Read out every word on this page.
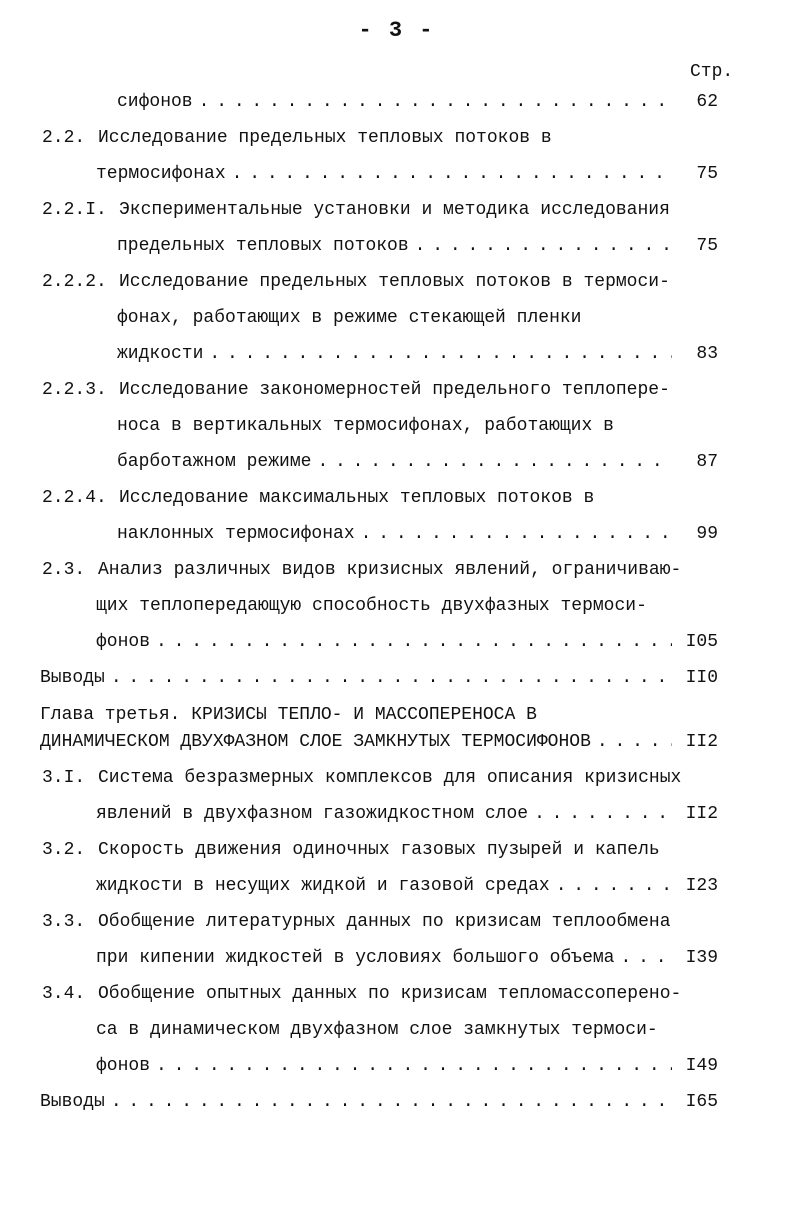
- 3 -
Стр.
сифонов . . .	62
2.2. Исследование предельных тепловых потоков в
термосифонах . . .	75
2.2.I. Экспериментальные установки и методика исследования
предельных тепловых потоков . . .	75
2.2.2. Исследование предельных тепловых потоков в термоси-
фонах, работающих в режиме стекающей пленки
жидкости . . .	83
2.2.3. Исследование закономерностей предельного теплопере-
носа в вертикальных термосифонах, работающих в
барботажном режиме . . .	87
2.2.4. Исследование максимальных тепловых потоков в
наклонных термосифонах . . .	99
2.3. Анализ различных видов кризисных явлений, ограничиваю-
щих теплопередающую способность двухфазных термоси-
фонов . . .	I05
Выводы . . .	II0
Глава третья. КРИЗИСЫ ТЕПЛО- И МАССОПЕРЕНОСА В
ДИНАМИЧЕСКОМ ДВУХФАЗНОМ СЛОЕ ЗАМКНУТЫХ ТЕРМОСИФОНОВ . . .	II2
3.I. Система безразмерных комплексов для описания кризисных
явлений в двухфазном газожидкостном слое . . .	II2
3.2. Скорость движения одиночных газовых пузырей и капель
жидкости в несущих жидкой и газовой средах . . .	I23
3.3. Обобщение литературных данных по кризисам теплообмена
при кипении жидкостей в условиях большого объема . . .	I39
3.4. Обобщение опытных данных по кризисам тепломассоперено-
са в динамическом двухфазном слое замкнутых термоси-
фонов . . .	I49
Выводы . . .	I65
